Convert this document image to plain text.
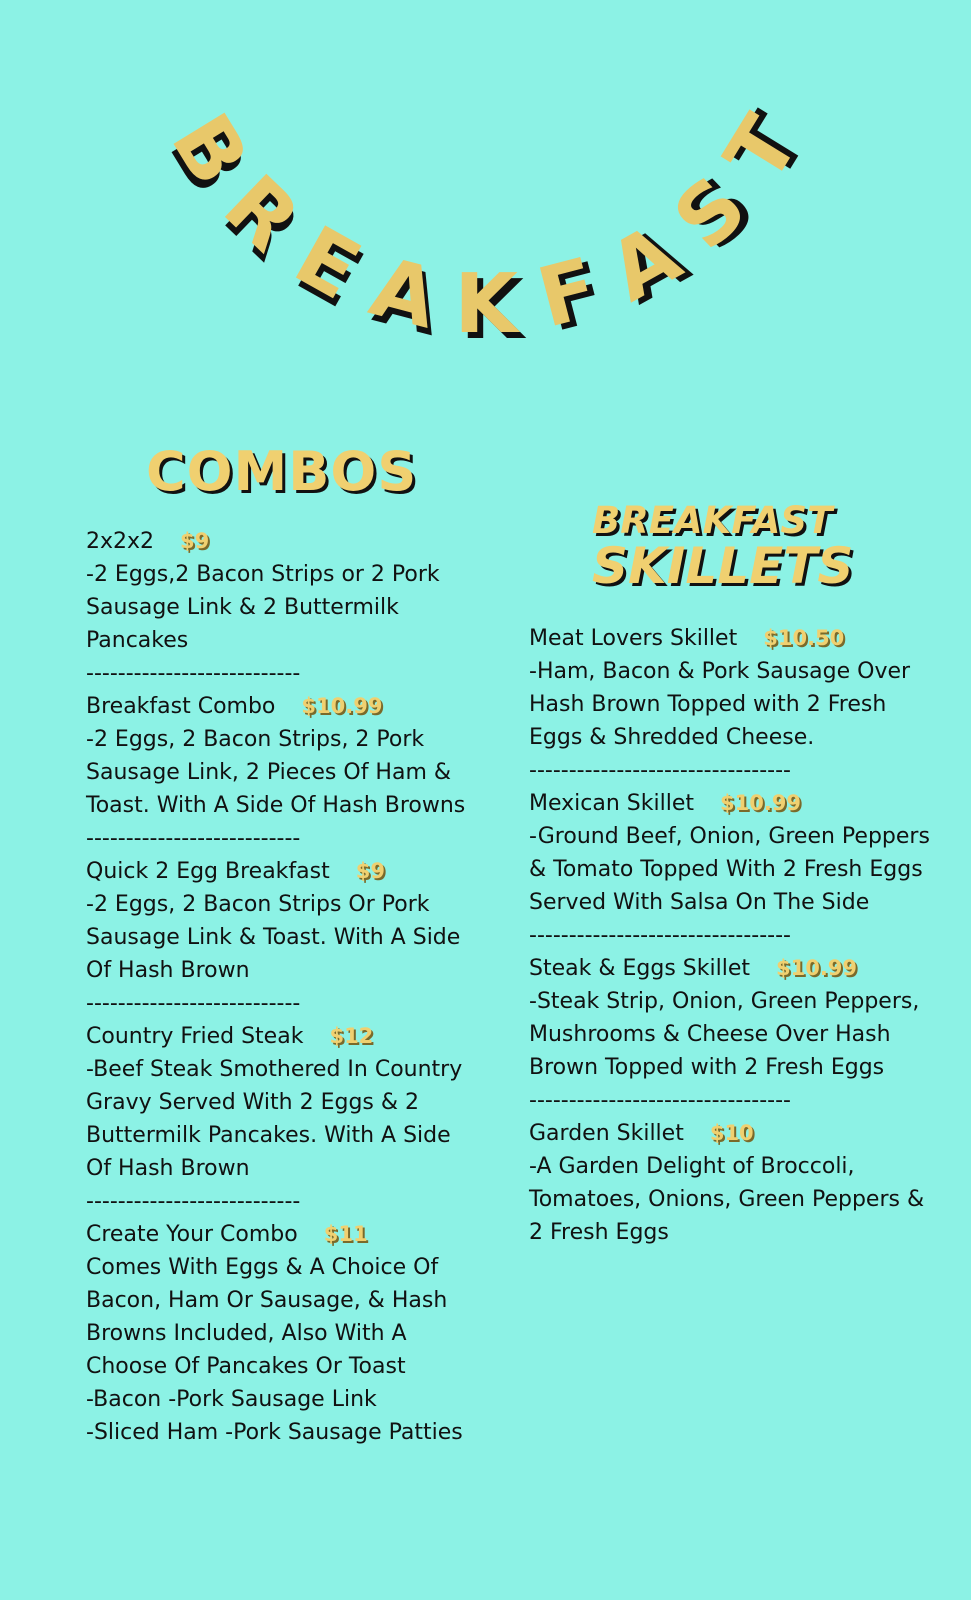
B
R
E
A K F
A
S
T
COMBOS
2x2x2 $9
-2 Eggs,2 Bacon Strips or 2 Pork Sausage Link & 2 Buttermilk Pancakes
---------------------------
Breakfast Combo $10.99
-2 Eggs, 2 Bacon Strips, 2 Pork Sausage Link, 2 Pieces Of Ham & Toast. With A Side Of Hash Browns
---------------------------
Quick 2 Egg Breakfast $9
-2 Eggs, 2 Bacon Strips Or Pork Sausage Link & Toast. With A Side Of Hash Brown
---------------------------
Country Fried Steak $12
-Beef Steak Smothered In Country Gravy Served With 2 Eggs & 2 Buttermilk Pancakes. With A Side Of Hash Brown
---------------------------
Create Your Combo $11
Comes With Eggs & A Choice Of Bacon, Ham Or Sausage, & Hash Browns Included, Also With A Choose Of Pancakes Or Toast
-Bacon -Pork Sausage Link
-Sliced Ham -Pork Sausage Patties
BREAKFAST
SKILLETS
Meat Lovers Skillet $10.50
-Ham, Bacon & Pork Sausage Over Hash Brown Topped with 2 Fresh Eggs & Shredded Cheese.
---------------------------------
Mexican Skillet $10.99
-Ground Beef, Onion, Green Peppers & Tomato Topped With 2 Fresh Eggs Served With Salsa On The Side
---------------------------------
Steak & Eggs Skillet $10.99
-Steak Strip, Onion, Green Peppers, Mushrooms & Cheese Over Hash Brown Topped with 2 Fresh Eggs
---------------------------------
Garden Skillet $10
-A Garden Delight of Broccoli, Tomatoes, Onions, Green Peppers & 2 Fresh Eggs
